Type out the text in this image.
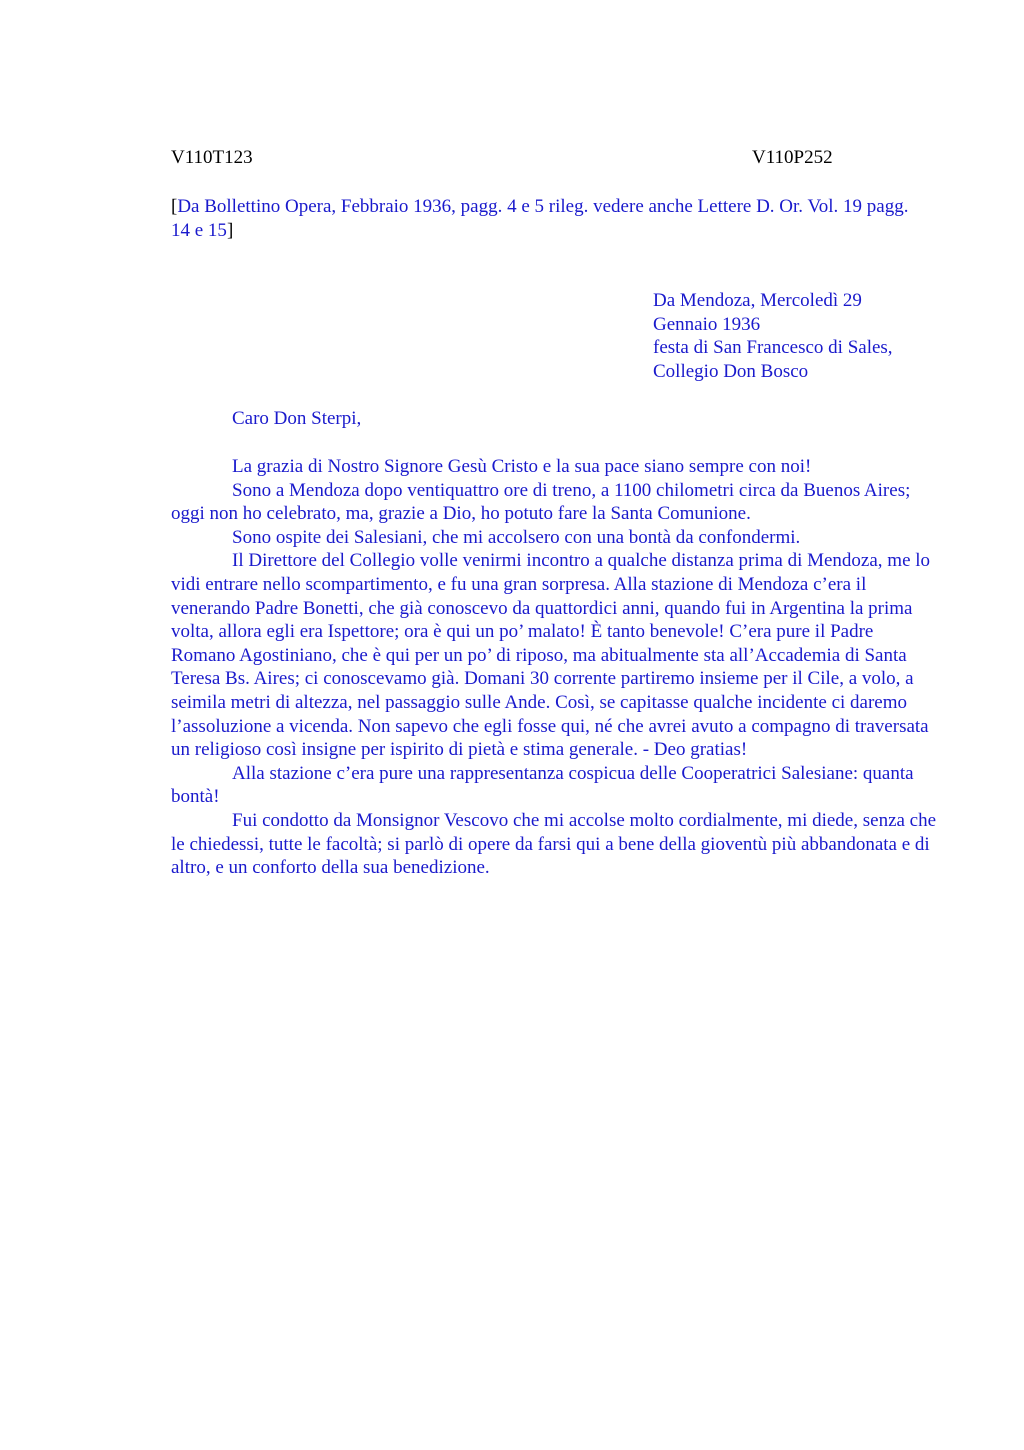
V110T123	V110P252
[Da Bollettino Opera, Febbraio 1936, pagg. 4 e 5 rileg. vedere anche Lettere D. Or. Vol. 19 pagg. 14 e 15]
Da Mendoza, Mercoledì 29
Gennaio 1936
festa di San Francesco di Sales,
Collegio Don Bosco
Caro Don Sterpi,

La grazia di Nostro Signore Gesù Cristo e la sua pace siano sempre con noi!

Sono a Mendoza dopo ventiquattro ore di treno, a 1100 chilometri circa da Buenos Aires; oggi non ho celebrato, ma, grazie a Dio, ho potuto fare la Santa Comunione.

Sono ospite dei Salesiani, che mi accolsero con una bontà da confondermi.

Il Direttore del Collegio volle venirmi incontro a qualche distanza prima di Mendoza, me lo vidi entrare nello scompartimento, e fu una gran sorpresa. Alla stazione di Mendoza c’era il venerando Padre Bonetti, che già conoscevo da quattordici anni, quando fui in Argentina la prima volta, allora egli era Ispettore; ora è qui un po’ malato! È tanto benevole! C’era pure il Padre Romano Agostiniano, che è qui per un po’ di riposo, ma abitualmente sta all’Accademia di Santa Teresa Bs. Aires; ci conoscevamo già. Domani 30 corrente partiremo insieme per il Cile, a volo, a seimila metri di altezza, nel passaggio sulle Ande. Così, se capitasse qualche incidente ci daremo l’assoluzione a vicenda. Non sapevo che egli fosse qui, né che avrei avuto a compagno di traversata un religioso così insigne per ispirito di pietà e stima generale. - Deo gratias!

Alla stazione c’era pure una rappresentanza cospicua delle Cooperatrici Salesiane: quanta bontà!

Fui condotto da Monsignor Vescovo che mi accolse molto cordialmente, mi diede, senza che le chiedessi, tutte le facoltà; si parlò di opere da farsi qui a bene della gioventù più abbandonata e di altro, e un conforto della sua benedizione.
